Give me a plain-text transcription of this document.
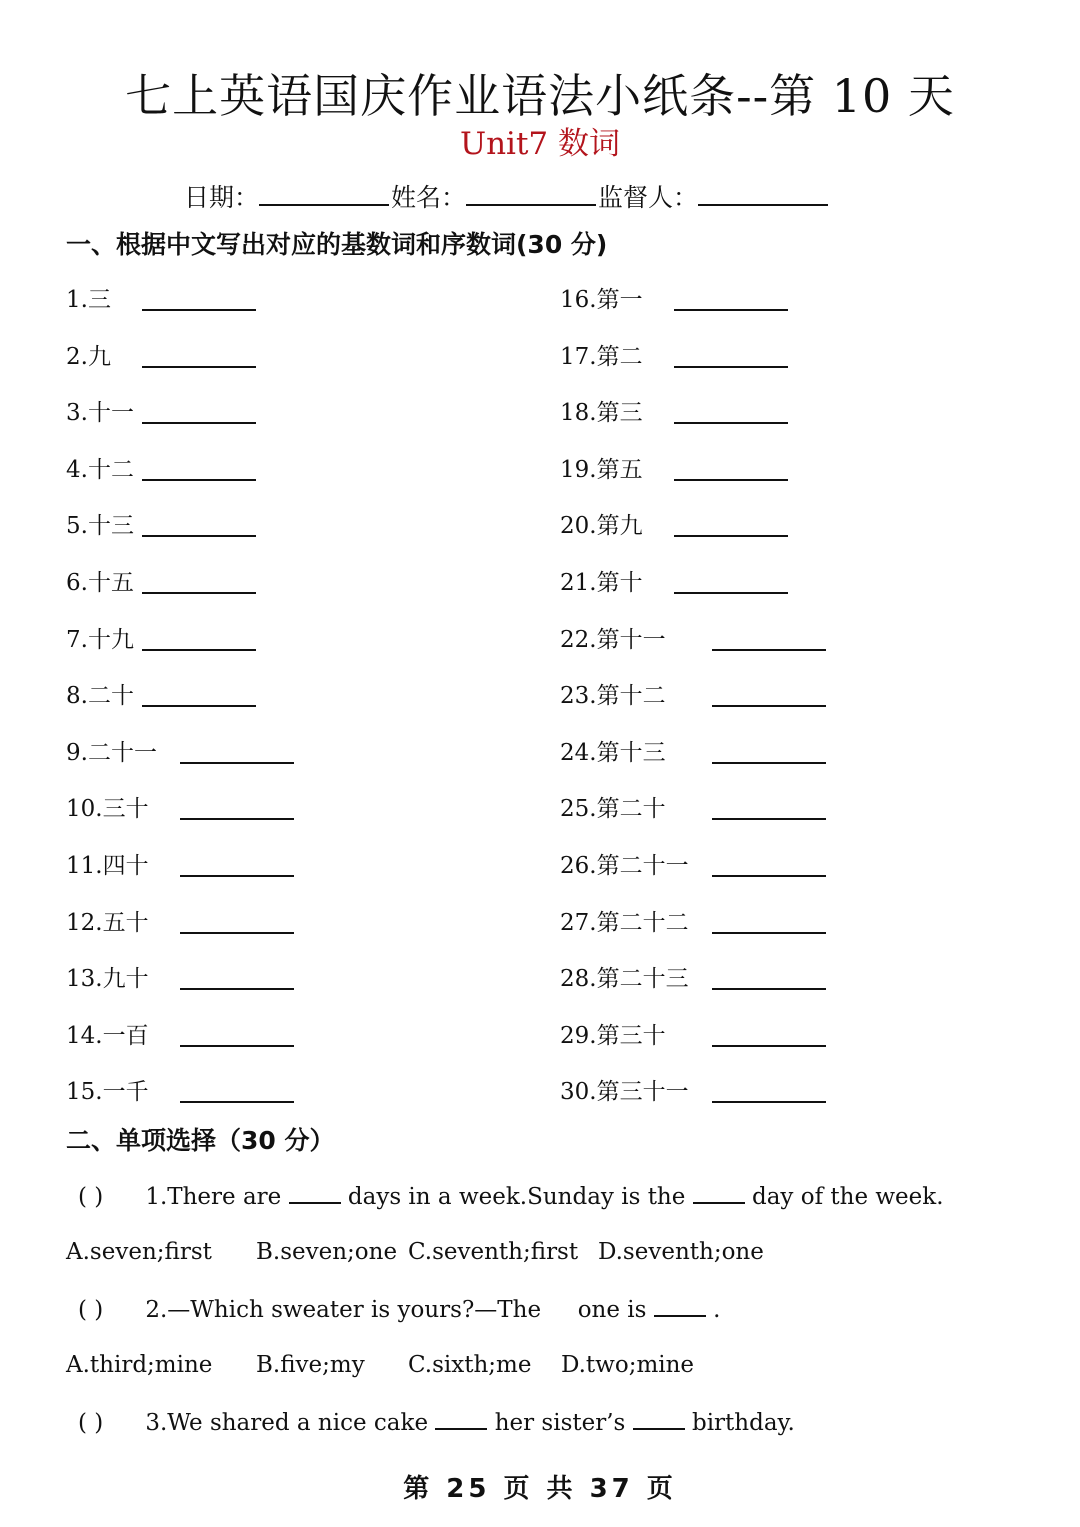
七上英语国庆作业语法小纸条--第 10 天
Unit7 数词
日期：	姓名：	监督人：
一、根据中文写出对应的基数词和序数词(30 分)
1.三
2.九
3.十一
4.十二
5.十三
6.十五
7.十九
8.二十
9.二十一
10.三十
11.四十
12.五十
13.九十
14.一百
15.一千
16.第一
17.第二
18.第三
19.第五
20.第九
21.第十
22.第十一
23.第十二
24.第十三
25.第二十
26.第二十一
27.第二十二
28.第二十三
29.第三十
30.第三十一
二、单项选择（30 分）
( ) 1.There are	days in a week.Sunday is the	day of the week.
A.seven;first B.seven;one C.seventh;first D.seventh;one
( ) 2.—Which sweater is yours?—The one is	.
A.third;mine B.five;my C.sixth;me D.two;mine
( ) 3.We shared a nice cake	her sister’s	birthday.
第 25 页 共 37 页
